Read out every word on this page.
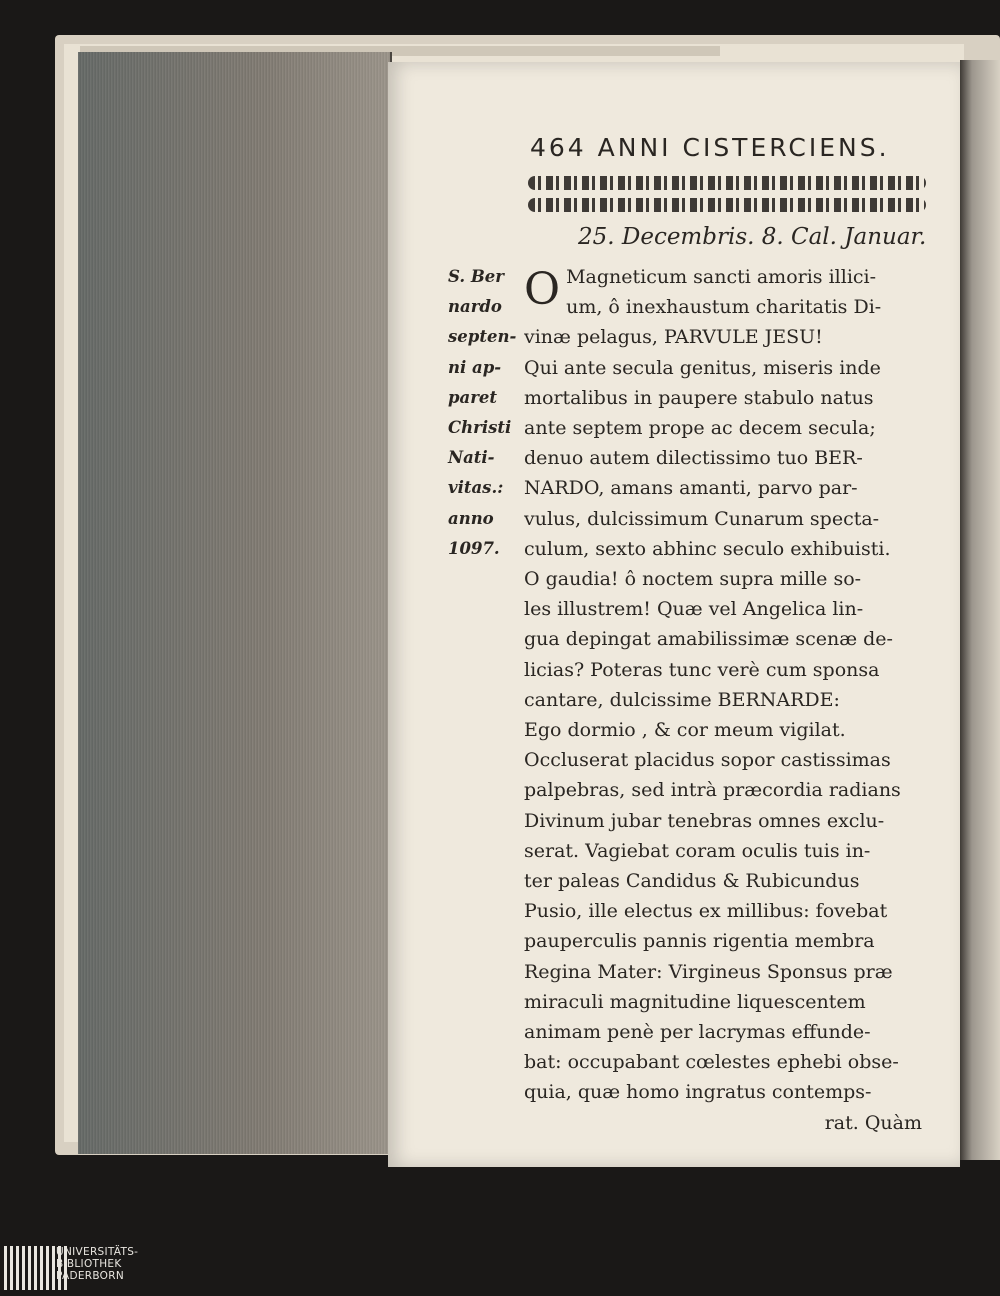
464 ANNI CISTERCIENS.
25. Decembris. 8. Cal. Januar.
S. Ber
nardo
septen-
ni ap-
paret
Christi
Nati-
vitas.:
anno
1097.
O Magneticum sancti amoris illici-
um, ô inexhaustum charitatis Di-
vinæ pelagus, PARVULE JESU!
Qui ante secula genitus, miseris inde
mortalibus in paupere stabulo natus
ante septem prope ac decem secula;
denuo autem dilectissimo tuo BER-
NARDO, amans amanti, parvo par-
vulus, dulcissimum Cunarum specta-
culum, sexto abhinc seculo exhibuisti.
O gaudia! ô noctem supra mille so-
les illustrem! Quæ vel Angelica lin-
gua depingat amabilissimæ scenæ de-
licias? Poteras tunc verè cum sponsa
cantare, dulcissime BERNARDE:
Ego dormio , & cor meum vigilat.
Occluserat placidus sopor castissimas
palpebras, sed intrà præcordia radians
Divinum jubar tenebras omnes exclu-
serat. Vagiebat coram oculis tuis in-
ter paleas Candidus & Rubicundus
Pusio, ille electus ex millibus: fovebat
pauperculis pannis rigentia membra
Regina Mater: Virgineus Sponsus præ
miraculi magnitudine liquescentem
animam penè per lacrymas effunde-
bat: occupabant cœlestes ephebi obse-
quia, quæ homo ingratus contemps-
rat. Quàm
UNIVERSITÄTS-
BIBLIOTHEK
PADERBORN
